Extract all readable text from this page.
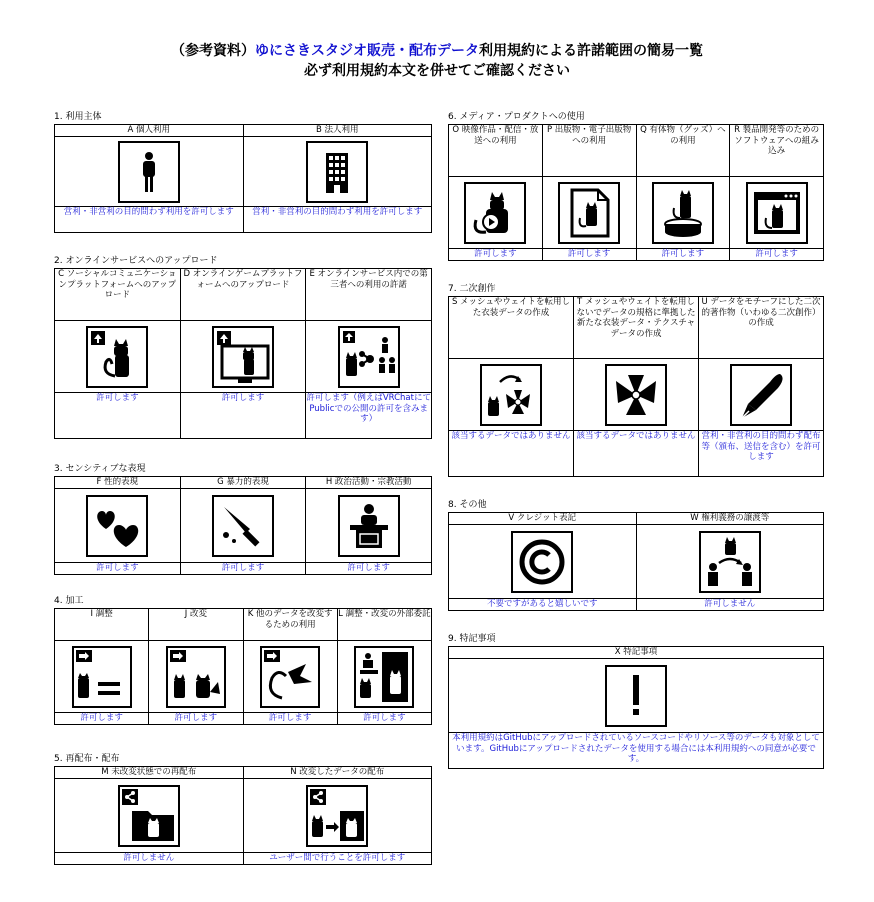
（参考資料）ゆにさきスタジオ販売・配布データ利用規約による許諾範囲の簡易一覧
必ず利用規約本文を併せてご確認ください
1. 利用主体
A 個人利用	B 法人利用

営利・非営利の目的問わず利用を許可します	営利・非営利の目的問わず利用を許可します
2. オンラインサービスへのアップロード
C ソーシャルコミュニケーションプラットフォームへのアップロード	D オンラインゲームプラットフォームへのアップロード	E オンラインサービス内での第三者への利用の許諾

許可します	許可します	許可します（例えばVRChatにてPublicでの公開の許可を含みます）
3. センシティブな表現
F 性的表現	G 暴力的表現	H 政治活動・宗教活動

許可します	許可します	許可します
4. 加工
I 調整	J 改変	K 他のデータを改変するための利用	L 調整・改変の外部委託

許可します	許可します	許可します	許可します
5. 再配布・配布
M 未改変状態での再配布	N 改変したデータの配布

許可しません	ユーザー間で行うことを許可します
6. メディア・プロダクトへの使用
O 映像作品・配信・放送への利用	P 出版物・電子出版物への利用	Q 有体物（グッズ）への利用	R 製品開発等のためのソフトウェアへの組み込み

許可します	許可します	許可します	許可します
7. 二次創作
S メッシュやウェイトを転用した衣装データの作成	T メッシュやウェイトを転用しないでデータの規格に準拠した新たな衣装データ・テクスチャデータの作成	U データをモチーフにした二次的著作物（いわゆる二次創作）の作成

該当するデータではありません	該当するデータではありません	営利・非営利の目的問わず配布等（頒布、送信を含む）を許可します
8. その他
V クレジット表記	W 権利義務の譲渡等

不要ですがあると嬉しいです	許可しません
9. 特記事項
X 特記事項

本利用規約はGitHubにアップロードされているソースコードやリソース等のデータも対象としています。GitHubにアップロードされたデータを使用する場合には本利用規約への同意が必要です。
